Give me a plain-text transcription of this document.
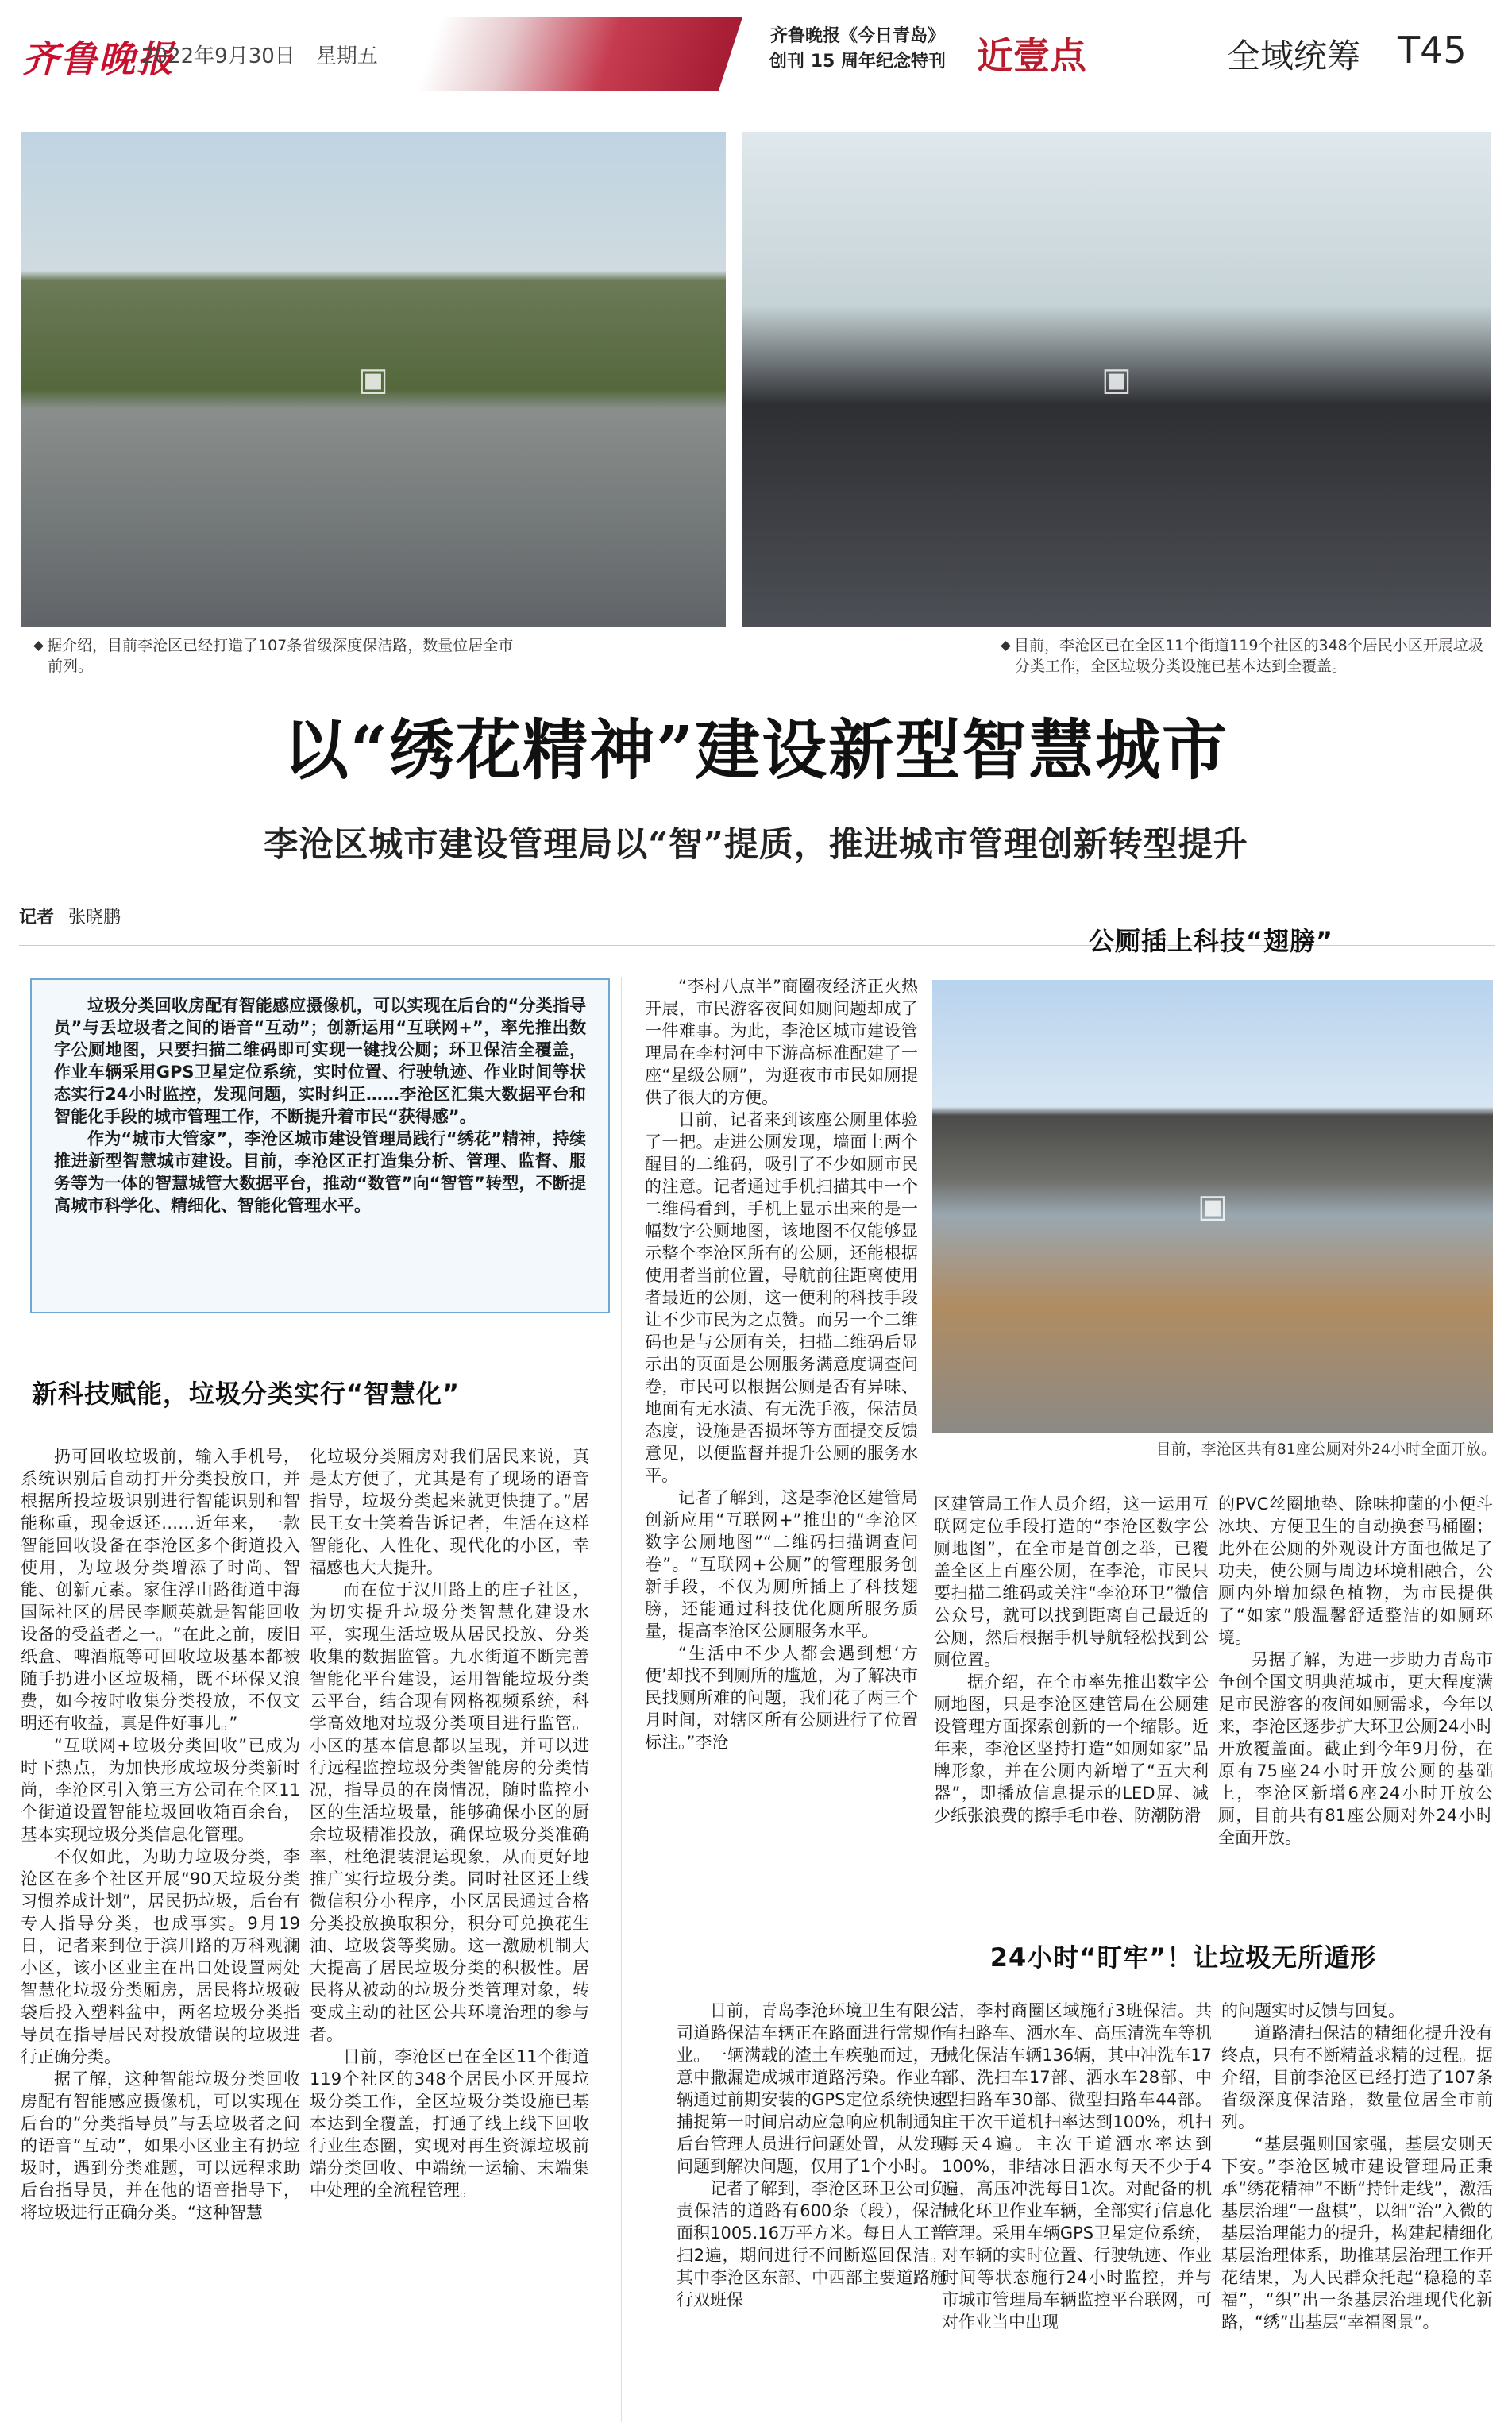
齐鲁晚报
2022年9月30日　星期五
齐鲁晚报《今日青岛》
创刊 15 周年纪念特刊 近壹点	全域统筹 T45
▣	▣
据介绍，目前李沧区已经打造了107条省级深度保洁路，数量位居全市前列。
目前，李沧区已在全区11个街道119个社区的348个居民小区开展垃圾分类工作，全区垃圾分类设施已基本达到全覆盖。
以“绣花精神”建设新型智慧城市
李沧区城市建设管理局以“智”提质，推进城市管理创新转型提升
记者 张晓鹏

垃圾分类回收房配有智能感应摄像机，可以实现在后台的“分类指导员”与丢垃圾者之间的语音“互动”；创新运用“互联网+”，率先推出数字公厕地图，只要扫描二维码即可实现一键找公厕；环卫保洁全覆盖，作业车辆采用GPS卫星定位系统，实时位置、行驶轨迹、作业时间等状态实行24小时监控，发现问题，实时纠正……李沧区汇集大数据平台和智能化手段的城市管理工作，不断提升着市民“获得感”。

作为“城市大管家”，李沧区城市建设管理局践行“绣花”精神，持续推进新型智慧城市建设。目前，李沧区正打造集分析、管理、监督、服务等为一体的智慧城管大数据平台，推动“数管”向“智管”转型，不断提高城市科学化、精细化、智能化管理水平。

新科技赋能，垃圾分类实行“智慧化”

扔可回收垃圾前，输入手机号，系统识别后自动打开分类投放口，并根据所投垃圾识别进行智能识别和智能称重，现金返还……近年来，一款智能回收设备在李沧区多个街道投入使用，为垃圾分类增添了时尚、智能、创新元素。家住浮山路街道中海国际社区的居民李顺英就是智能回收设备的受益者之一。“在此之前，废旧纸盒、啤酒瓶等可回收垃圾基本都被随手扔进小区垃圾桶，既不环保又浪费，如今按时收集分类投放，不仅文明还有收益，真是件好事儿。”

“互联网+垃圾分类回收”已成为时下热点，为加快形成垃圾分类新时尚，李沧区引入第三方公司在全区11个街道设置智能垃圾回收箱百余台，基本实现垃圾分类信息化管理。

不仅如此，为助力垃圾分类，李沧区在多个社区开展“90天垃圾分类习惯养成计划”，居民扔垃圾，后台有专人指导分类，也成事实。9月19日，记者来到位于滨川路的万科观澜小区，该小区业主在出口处设置两处智慧化垃圾分类厢房，居民将垃圾破袋后投入塑料盆中，两名垃圾分类指导员在指导居民对投放错误的垃圾进行正确分类。

据了解，这种智能垃圾分类回收房配有智能感应摄像机，可以实现在后台的“分类指导员”与丢垃圾者之间的语音“互动”，如果小区业主有扔垃圾时，遇到分类难题，可以远程求助后台指导员，并在他的语音指导下，将垃圾进行正确分类。“这种智慧

化垃圾分类厢房对我们居民来说，真是太方便了，尤其是有了现场的语音指导，垃圾分类起来就更快捷了。”居民王女士笑着告诉记者，生活在这样智能化、人性化、现代化的小区，幸福感也大大提升。

而在位于汉川路上的庄子社区，为切实提升垃圾分类智慧化建设水平，实现生活垃圾从居民投放、分类收集的数据监管。九水街道不断完善智能化平台建设，运用智能垃圾分类云平台，结合现有网格视频系统，科学高效地对垃圾分类项目进行监管。小区的基本信息都以呈现，并可以进行远程监控垃圾分类智能房的分类情况，指导员的在岗情况，随时监控小区的生活垃圾量，能够确保小区的厨余垃圾精准投放，确保垃圾分类准确率，杜绝混装混运现象，从而更好地推广实行垃圾分类。同时社区还上线微信积分小程序，小区居民通过合格分类投放换取积分，积分可兑换花生油、垃圾袋等奖励。这一激励机制大大提高了居民垃圾分类的积极性。居民将从被动的垃圾分类管理对象，转变成主动的社区公共环境治理的参与者。

目前，李沧区已在全区11个街道119个社区的348个居民小区开展垃圾分类工作，全区垃圾分类设施已基本达到全覆盖，打通了线上线下回收行业生态圈，实现对再生资源垃圾前端分类回收、中端统一运输、末端集中处理的全流程管理。

“李村八点半”商圈夜经济正火热开展，市民游客夜间如厕问题却成了一件难事。为此，李沧区城市建设管理局在李村河中下游高标准配建了一座“星级公厕”，为逛夜市市民如厕提供了很大的方便。

目前，记者来到该座公厕里体验了一把。走进公厕发现，墙面上两个醒目的二维码，吸引了不少如厕市民的注意。记者通过手机扫描其中一个二维码看到，手机上显示出来的是一幅数字公厕地图，该地图不仅能够显示整个李沧区所有的公厕，还能根据使用者当前位置，导航前往距离使用者最近的公厕，这一便利的科技手段让不少市民为之点赞。而另一个二维码也是与公厕有关，扫描二维码后显示出的页面是公厕服务满意度调查问卷，市民可以根据公厕是否有异味、地面有无水渍、有无洗手液，保洁员态度，设施是否损坏等方面提交反馈意见，以便监督并提升公厕的服务水平。

记者了解到，这是李沧区建管局创新应用“互联网+”推出的“李沧区数字公厕地图”“二维码扫描调查问卷”。“互联网+公厕”的管理服务创新手段，不仅为厕所插上了科技翅膀，还能通过科技优化厕所服务质量，提高李沧区公厕服务水平。

“生活中不少人都会遇到想‘方便’却找不到厕所的尴尬，为了解决市民找厕所难的问题，我们花了两三个月时间，对辖区所有公厕进行了位置标注。”李沧

公厕插上科技“翅膀”
▣
目前，李沧区共有81座公厕对外24小时全面开放。

区建管局工作人员介绍，这一运用互联网定位手段打造的“李沧区数字公厕地图”，在全市是首创之举，已覆盖全区上百座公厕，在李沧，市民只要扫描二维码或关注“李沧环卫”微信公众号，就可以找到距离自己最近的公厕，然后根据手机导航轻松找到公厕位置。

据介绍，在全市率先推出数字公厕地图，只是李沧区建管局在公厕建设管理方面探索创新的一个缩影。近年来，李沧区坚持打造“如厕如家”品牌形象，并在公厕内新增了“五大利器”，即播放信息提示的LED屏、减少纸张浪费的擦手毛巾卷、防潮防滑

的PVC丝圈地垫、除味抑菌的小便斗冰块、方便卫生的自动换套马桶圈；此外在公厕的外观设计方面也做足了功夫，使公厕与周边环境相融合，公厕内外增加绿色植物，为市民提供了“如家”般温馨舒适整洁的如厕环境。

另据了解，为进一步助力青岛市争创全国文明典范城市，更大程度满足市民游客的夜间如厕需求，今年以来，李沧区逐步扩大环卫公厕24小时开放覆盖面。截止到今年9月份，在原有75座24小时开放公厕的基础上，李沧区新增6座24小时开放公厕，目前共有81座公厕对外24小时全面开放。

24小时“盯牢”！让垃圾无所遁形

目前，青岛李沧环境卫生有限公司道路保洁车辆正在路面进行常规作业。一辆满载的渣土车疾驰而过，无意中撒漏造成城市道路污染。作业车辆通过前期安装的GPS定位系统快速捕捉第一时间启动应急响应机制通知后台管理人员进行问题处置，从发现问题到解决问题，仅用了1个小时。

记者了解到，李沧区环卫公司负责保洁的道路有600条（段），保洁面积1005.16万平方米。每日人工普扫2遍，期间进行不间断巡回保洁。其中李沧区东部、中西部主要道路施行双班保

洁，李村商圈区域施行3班保洁。共有扫路车、洒水车、高压清洗车等机械化保洁车辆136辆，其中冲洗车17部、洗扫车17部、洒水车28部、中型扫路车30部、微型扫路车44部。主干次干道机扫率达到100%，机扫每天4遍。主次干道洒水率达到100%，非结冰日洒水每天不少于4遍，高压冲洗每日1次。对配备的机械化环卫作业车辆，全部实行信息化管理。采用车辆GPS卫星定位系统，对车辆的实时位置、行驶轨迹、作业时间等状态施行24小时监控，并与市城市管理局车辆监控平台联网，可对作业当中出现

的问题实时反馈与回复。

道路清扫保洁的精细化提升没有终点，只有不断精益求精的过程。据介绍，目前李沧区已经打造了107条省级深度保洁路，数量位居全市前列。

“基层强则国家强，基层安则天下安。”李沧区城市建设管理局正秉承“绣花精神”不断“持针走线”，激活基层治理“一盘棋”，以细“治”入微的基层治理能力的提升，构建起精细化基层治理体系，助推基层治理工作开花结果，为人民群众托起“稳稳的幸福”，“织”出一条基层治理现代化新路，“绣”出基层“幸福图景”。
